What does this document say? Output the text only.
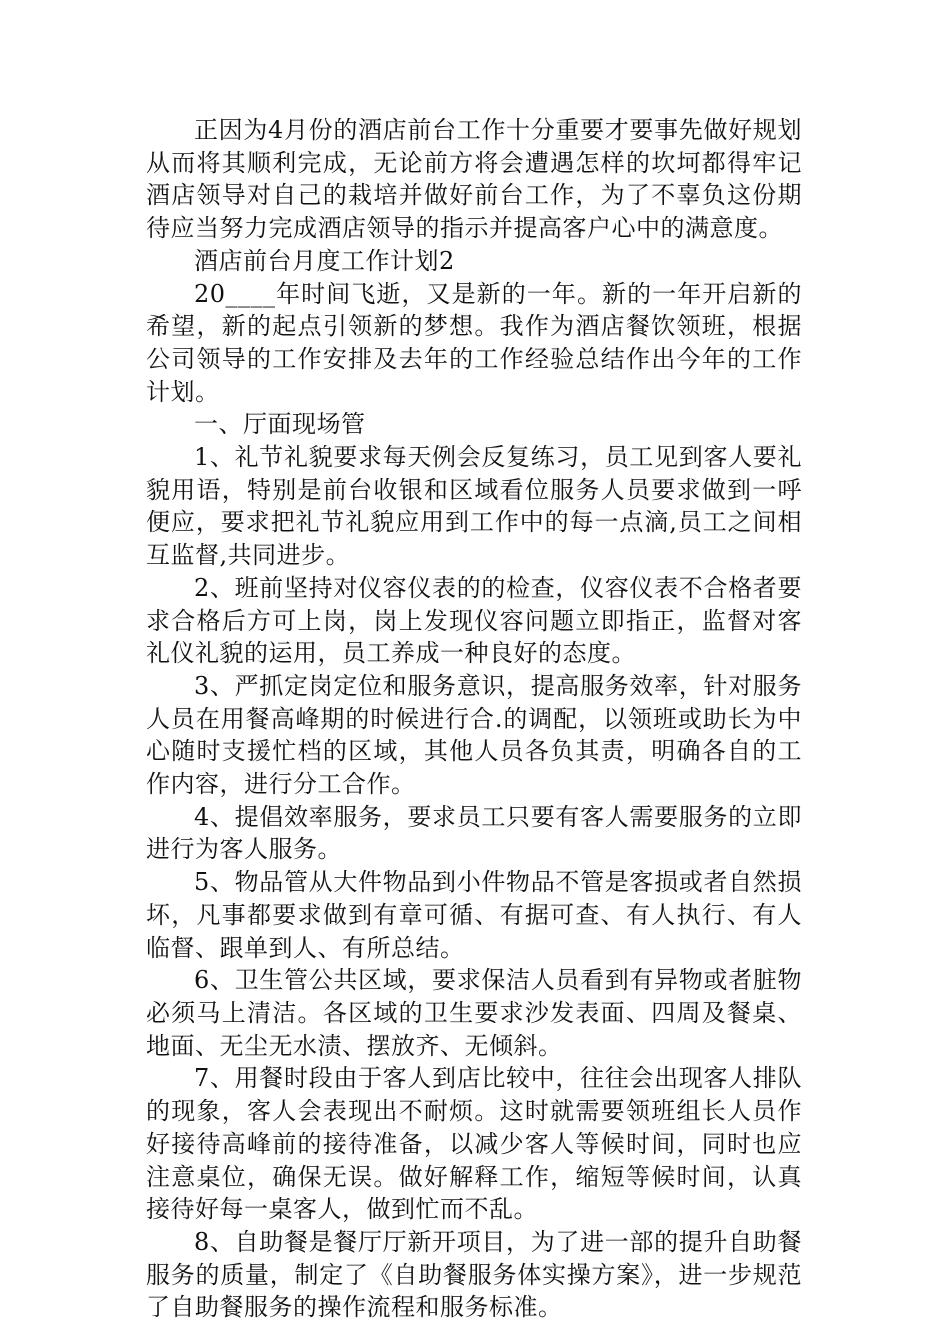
正因为4月份的酒店前台工作十分重要才要事先做好规划从而将其顺利完成，无论前方将会遭遇怎样的坎坷都得牢记酒店领导对自己的栽培并做好前台工作，为了不辜负这份期待应当努力完成酒店领导的指示并提高客户心中的满意度。

酒店前台月度工作计划2

20____年时间飞逝，又是新的一年。新的一年开启新的希望，新的起点引领新的梦想。我作为酒店餐饮领班，根据公司领导的工作安排及去年的工作经验总结作出今年的工作计划。

一、厅面现场管

1、礼节礼貌要求每天例会反复练习，员工见到客人要礼貌用语，特别是前台收银和区域看位服务人员要求做到一呼便应，要求把礼节礼貌应用到工作中的每一点滴,员工之间相互监督,共同进步。

2、班前坚持对仪容仪表的的检查，仪容仪表不合格者要求合格后方可上岗，岗上发现仪容问题立即指正，监督对客礼仪礼貌的运用，员工养成一种良好的态度。

3、严抓定岗定位和服务意识，提高服务效率，针对服务人员在用餐高峰期的时候进行合.的调配，以领班或助长为中心随时支援忙档的区域，其他人员各负其责，明确各自的工作内容，进行分工合作。

4、提倡效率服务，要求员工只要有客人需要服务的立即进行为客人服务。

5、物品管从大件物品到小件物品不管是客损或者自然损坏，凡事都要求做到有章可循、有据可查、有人执行、有人临督、跟单到人、有所总结。

6、卫生管公共区域，要求保洁人员看到有异物或者脏物必须马上清洁。各区域的卫生要求沙发表面、四周及餐桌、地面、无尘无水渍、摆放齐、无倾斜。

7、用餐时段由于客人到店比较中，往往会出现客人排队的现象，客人会表现出不耐烦。这时就需要领班组长人员作好接待高峰前的接待准备，以减少客人等候时间，同时也应注意桌位，确保无误。做好解释工作，缩短等候时间，认真接待好每一桌客人，做到忙而不乱。

8、自助餐是餐厅厅新开项目，为了进一部的提升自助餐服务的质量，制定了《自助餐服务体实操方案》，进一步规范了自助餐服务的操作流程和服务标准。
